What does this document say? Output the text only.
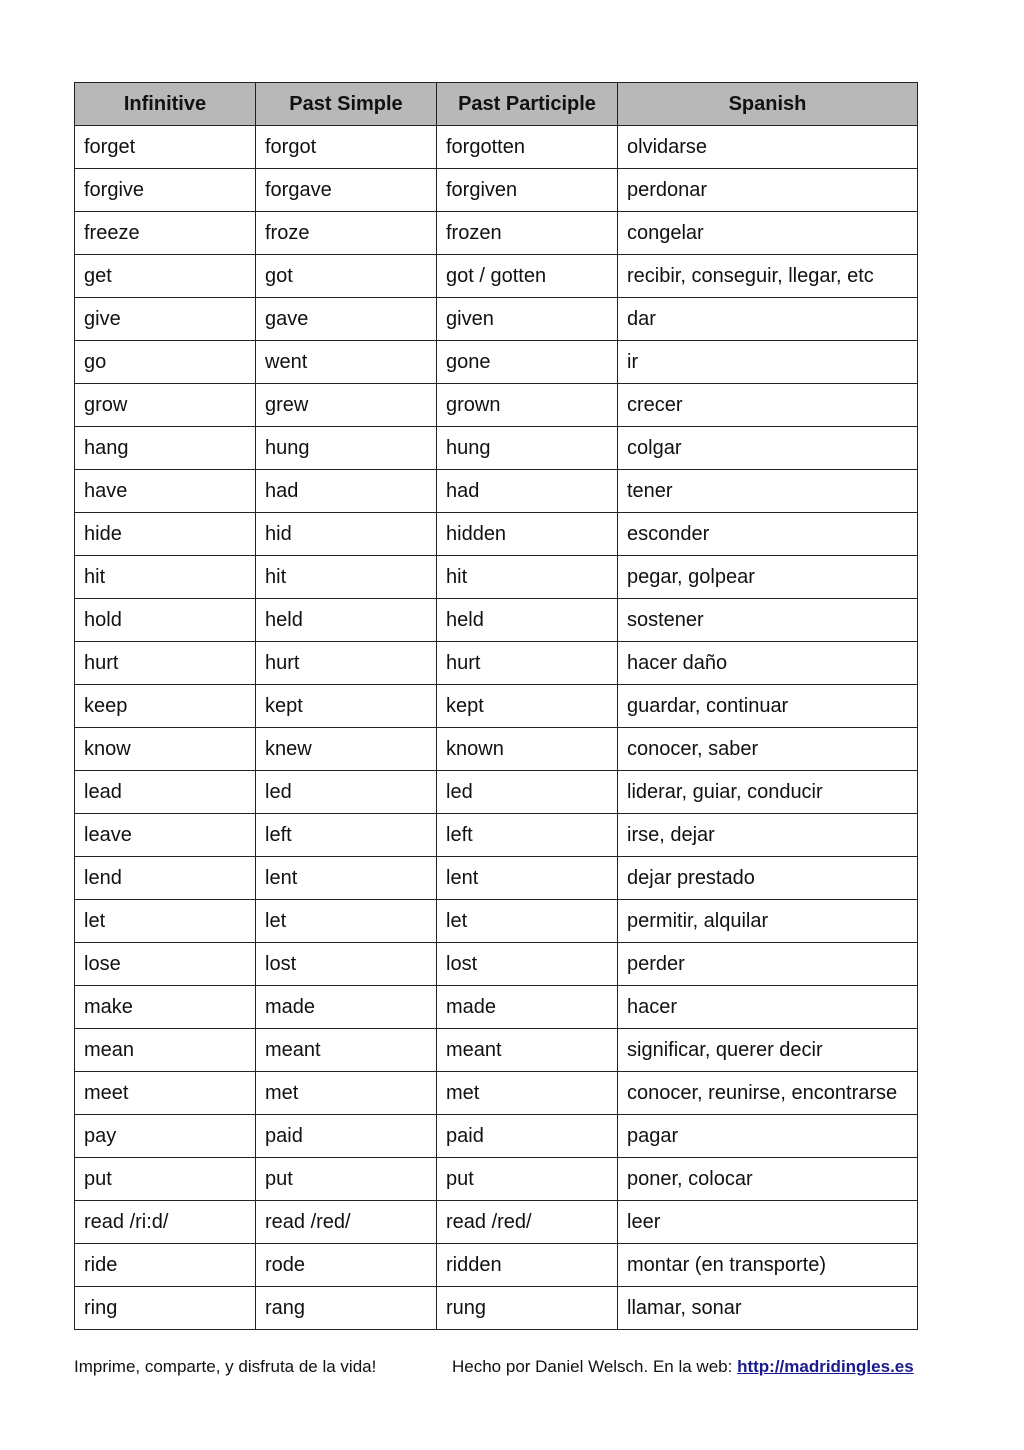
Infinitive	Past Simple	Past Participle	Spanish
forget	forgot	forgotten	olvidarse
forgive	forgave	forgiven	perdonar
freeze	froze	frozen	congelar
get	got	got / gotten	recibir, conseguir, llegar, etc
give	gave	given	dar
go	went	gone	ir
grow	grew	grown	crecer
hang	hung	hung	colgar
have	had	had	tener
hide	hid	hidden	esconder
hit	hit	hit	pegar, golpear
hold	held	held	sostener
hurt	hurt	hurt	hacer daño
keep	kept	kept	guardar, continuar
know	knew	known	conocer, saber
lead	led	led	liderar, guiar, conducir
leave	left	left	irse, dejar
lend	lent	lent	dejar prestado
let	let	let	permitir, alquilar
lose	lost	lost	perder
make	made	made	hacer
mean	meant	meant	significar, querer decir
meet	met	met	conocer, reunirse, encontrarse
pay	paid	paid	pagar
put	put	put	poner, colocar
read /ri:d/	read /red/	read /red/	leer
ride	rode	ridden	montar (en transporte)
ring	rang	rung	llamar, sonar
Imprime, comparte, y disfruta de la vida!	Hecho por Daniel Welsch. En la web: http://madridingles.es
